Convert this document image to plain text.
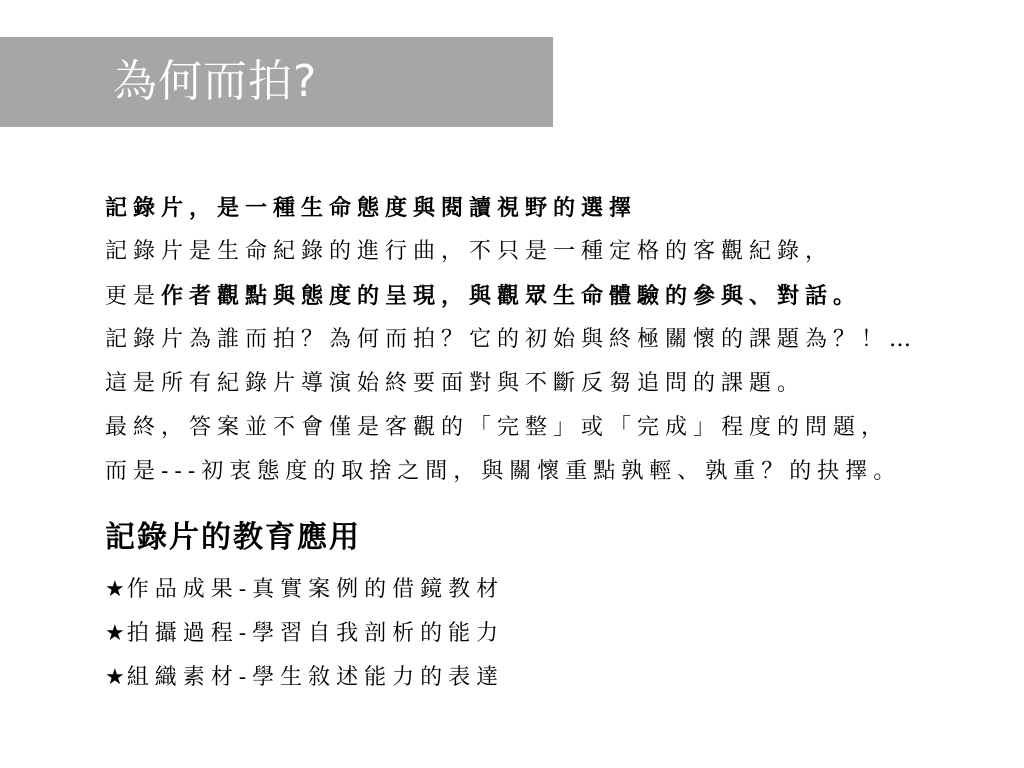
為何而拍?
記錄片，是一種生命態度與閱讀視野的選擇
記錄片是生命紀錄的進行曲，不只是一種定格的客觀紀錄，
更是作者觀點與態度的呈現，與觀眾生命體驗的參與、對話。
記錄片為誰而拍？為何而拍？它的初始與終極關懷的課題為？！…
這是所有紀錄片導演始終要面對與不斷反芻追問的課題。
最終，答案並不會僅是客觀的「完整」或「完成」程度的問題，
而是---初衷態度的取捨之間，與關懷重點孰輕、孰重？的抉擇。
記錄片的教育應用
★作品成果-真實案例的借鏡教材
★拍攝過程-學習自我剖析的能力
★組織素材-學生敘述能力的表達
